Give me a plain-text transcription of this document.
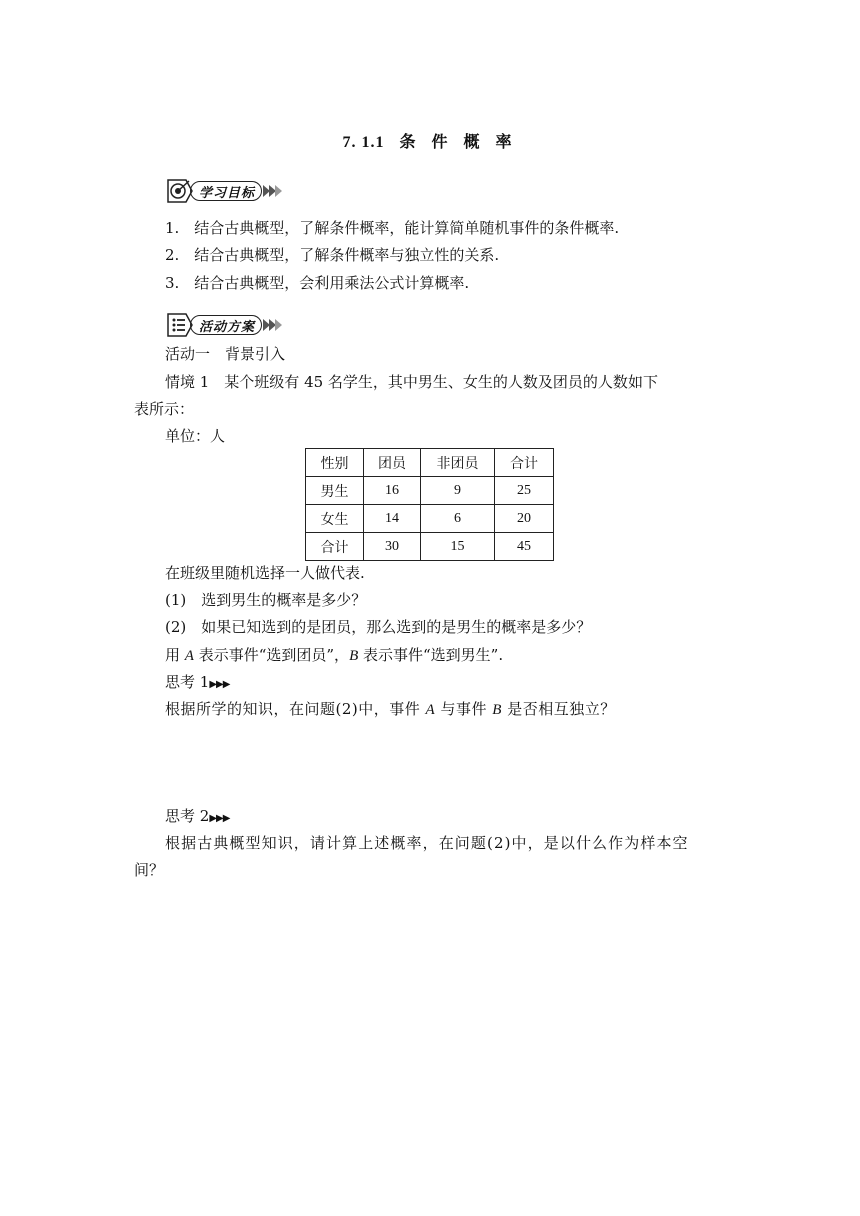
7. 1.1 条 件 概 率
学习目标
1.　结合古典概型，了解条件概率，能计算简单随机事件的条件概率.
2.　结合古典概型，了解条件概率与独立性的关系.
3.　结合古典概型，会利用乘法公式计算概率.
活动方案
活动一　背景引入
情境 1　某个班级有 45 名学生，其中男生、女生的人数及团员的人数如下
表所示：
单位：人
性别	团员	非团员	合计
男生	16	9	25
女生	14	6	20
合计	30	15	45
在班级里随机选择一人做代表.
(1)　选到男生的概率是多少？
(2)　如果已知选到的是团员，那么选到的是男生的概率是多少？
用 A 表示事件“选到团员”，B 表示事件“选到男生”.
思考 1▶▶▶
根据所学的知识，在问题(2)中，事件 A 与事件 B 是否相互独立？
思考 2▶▶▶
根据古典概型知识，请计算上述概率，在问题(2)中，是以什么作为样本空
间？
